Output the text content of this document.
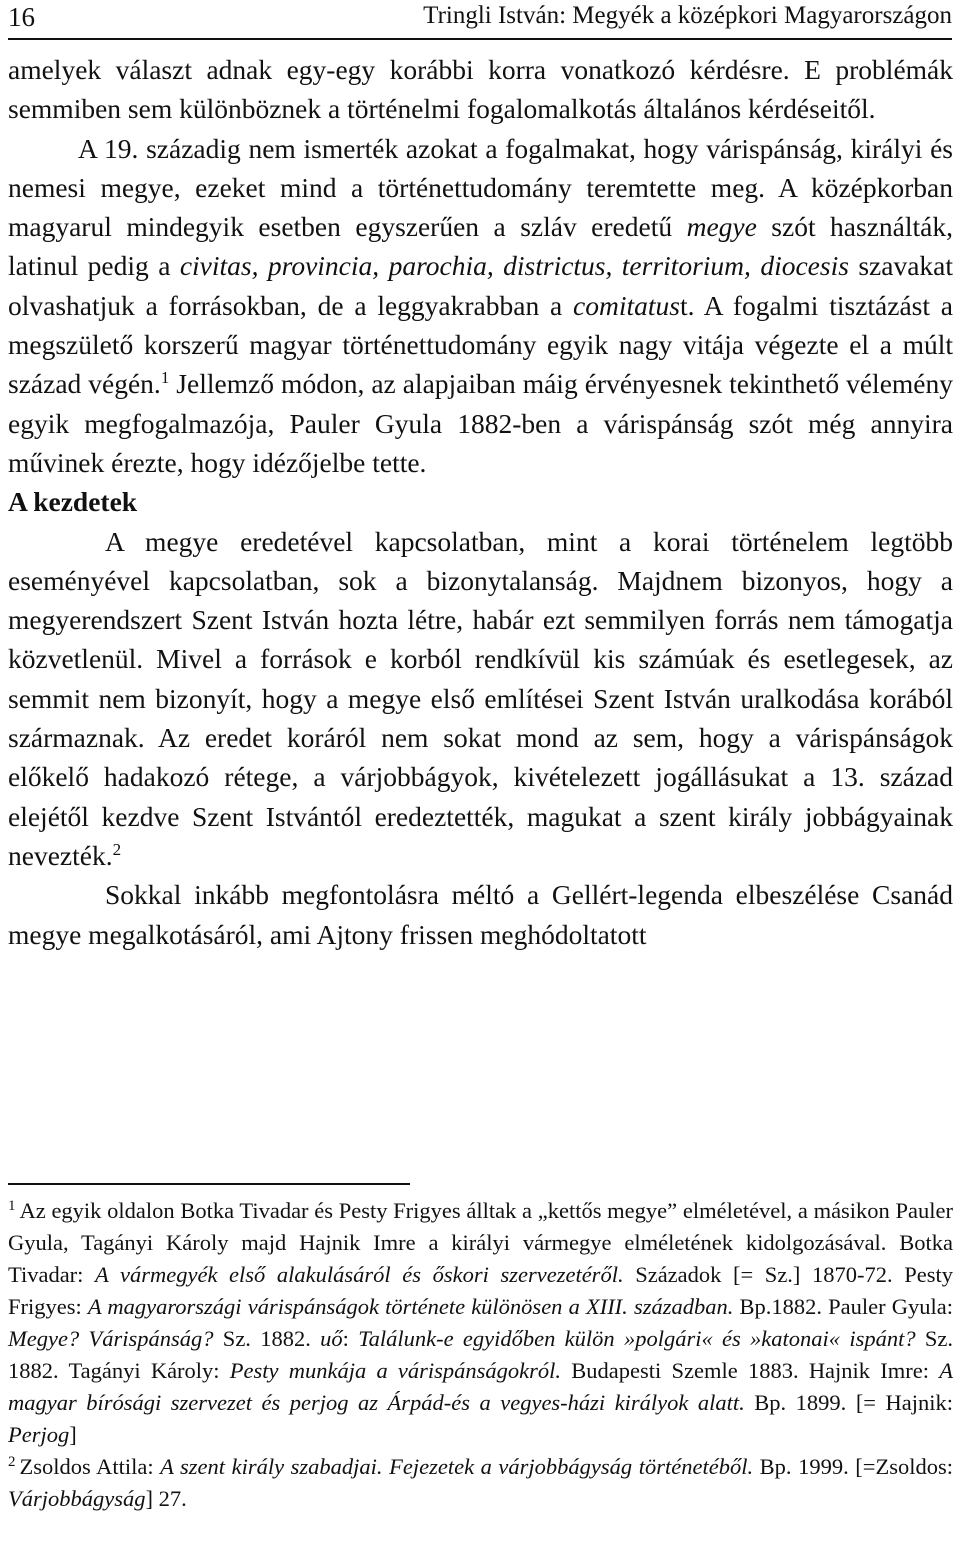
16	Tringli István: Megyék a középkori Magyarországon

amelyek választ adnak egy-egy korábbi korra vonatkozó kérdésre. E problémák semmiben sem különböznek a történelmi fogalomalkotás általános kérdéseitől.

A 19. századig nem ismerték azokat a fogalmakat, hogy várispánság, királyi és nemesi megye, ezeket mind a történettudomány teremtette meg. A középkorban magyarul mindegyik esetben egyszerűen a szláv eredetű megye szót használták, latinul pedig a civitas, provincia, parochia, districtus, territorium, diocesis szavakat olvashatjuk a forrásokban, de a leggyakrabban a comitatust. A fogalmi tisztázást a megszülető korszerű magyar történettudomány egyik nagy vitája végezte el a múlt század végén.$^1$ Jellemző módon, az alapjaiban máig érvényesnek tekinthető vélemény egyik megfogalmazója, Pauler Gyula 1882-ben a várispánság szót még annyira művinek érezte, hogy idézőjelbe tette.

A kezdetek

A megye eredetével kapcsolatban, mint a korai történelem legtöbb eseményével kapcsolatban, sok a bizonytalanság. Majdnem bizonyos, hogy a megyerendszert Szent István hozta létre, habár ezt semmilyen forrás nem támogatja közvetlenül. Mivel a források e korból rendkívül kis számúak és esetlegesek, az semmit nem bizonyít, hogy a megye első említései Szent István uralkodása korából származnak. Az eredet koráról nem sokat mond az sem, hogy a várispánságok előkelő hadakozó rétege, a várjobbágyok, kivételezett jogállásukat a 13. század elejétől kezdve Szent Istvántól eredeztették, magukat a szent király jobbágyainak nevezték.$^2$

Sokkal inkább megfontolásra méltó a Gellért-legenda elbeszélése Csanád megye megalkotásáról, ami Ajtony frissen meghódoltatott

$^1$ Az egyik oldalon Botka Tivadar és Pesty Frigyes álltak a „kettős megye” elméletével, a másikon Pauler Gyula, Tagányi Károly majd Hajnik Imre a királyi vármegye elméletének kidolgozásával. Botka Tivadar: A vármegyék első alakulásáról és őskori szervezetéről. Századok [= Sz.] 1870-72. Pesty Frigyes: A magyarországi várispánságok története különösen a XIII. században. Bp.1882. Pauler Gyula: Megye? Várispánság? Sz. 1882. uő: Találunk-e egyidőben külön »polgári« és »katonai« ispánt? Sz. 1882. Tagányi Károly: Pesty munkája a várispánságokról. Budapesti Szemle 1883. Hajnik Imre: A magyar bírósági szervezet és perjog az Árpád-és a vegyes-házi királyok alatt. Bp. 1899. [= Hajnik: Perjog]

$^2$ Zsoldos Attila: A szent király szabadjai. Fejezetek a várjobbágyság történetéből. Bp. 1999. [=Zsoldos: Várjobbágyság] 27.
